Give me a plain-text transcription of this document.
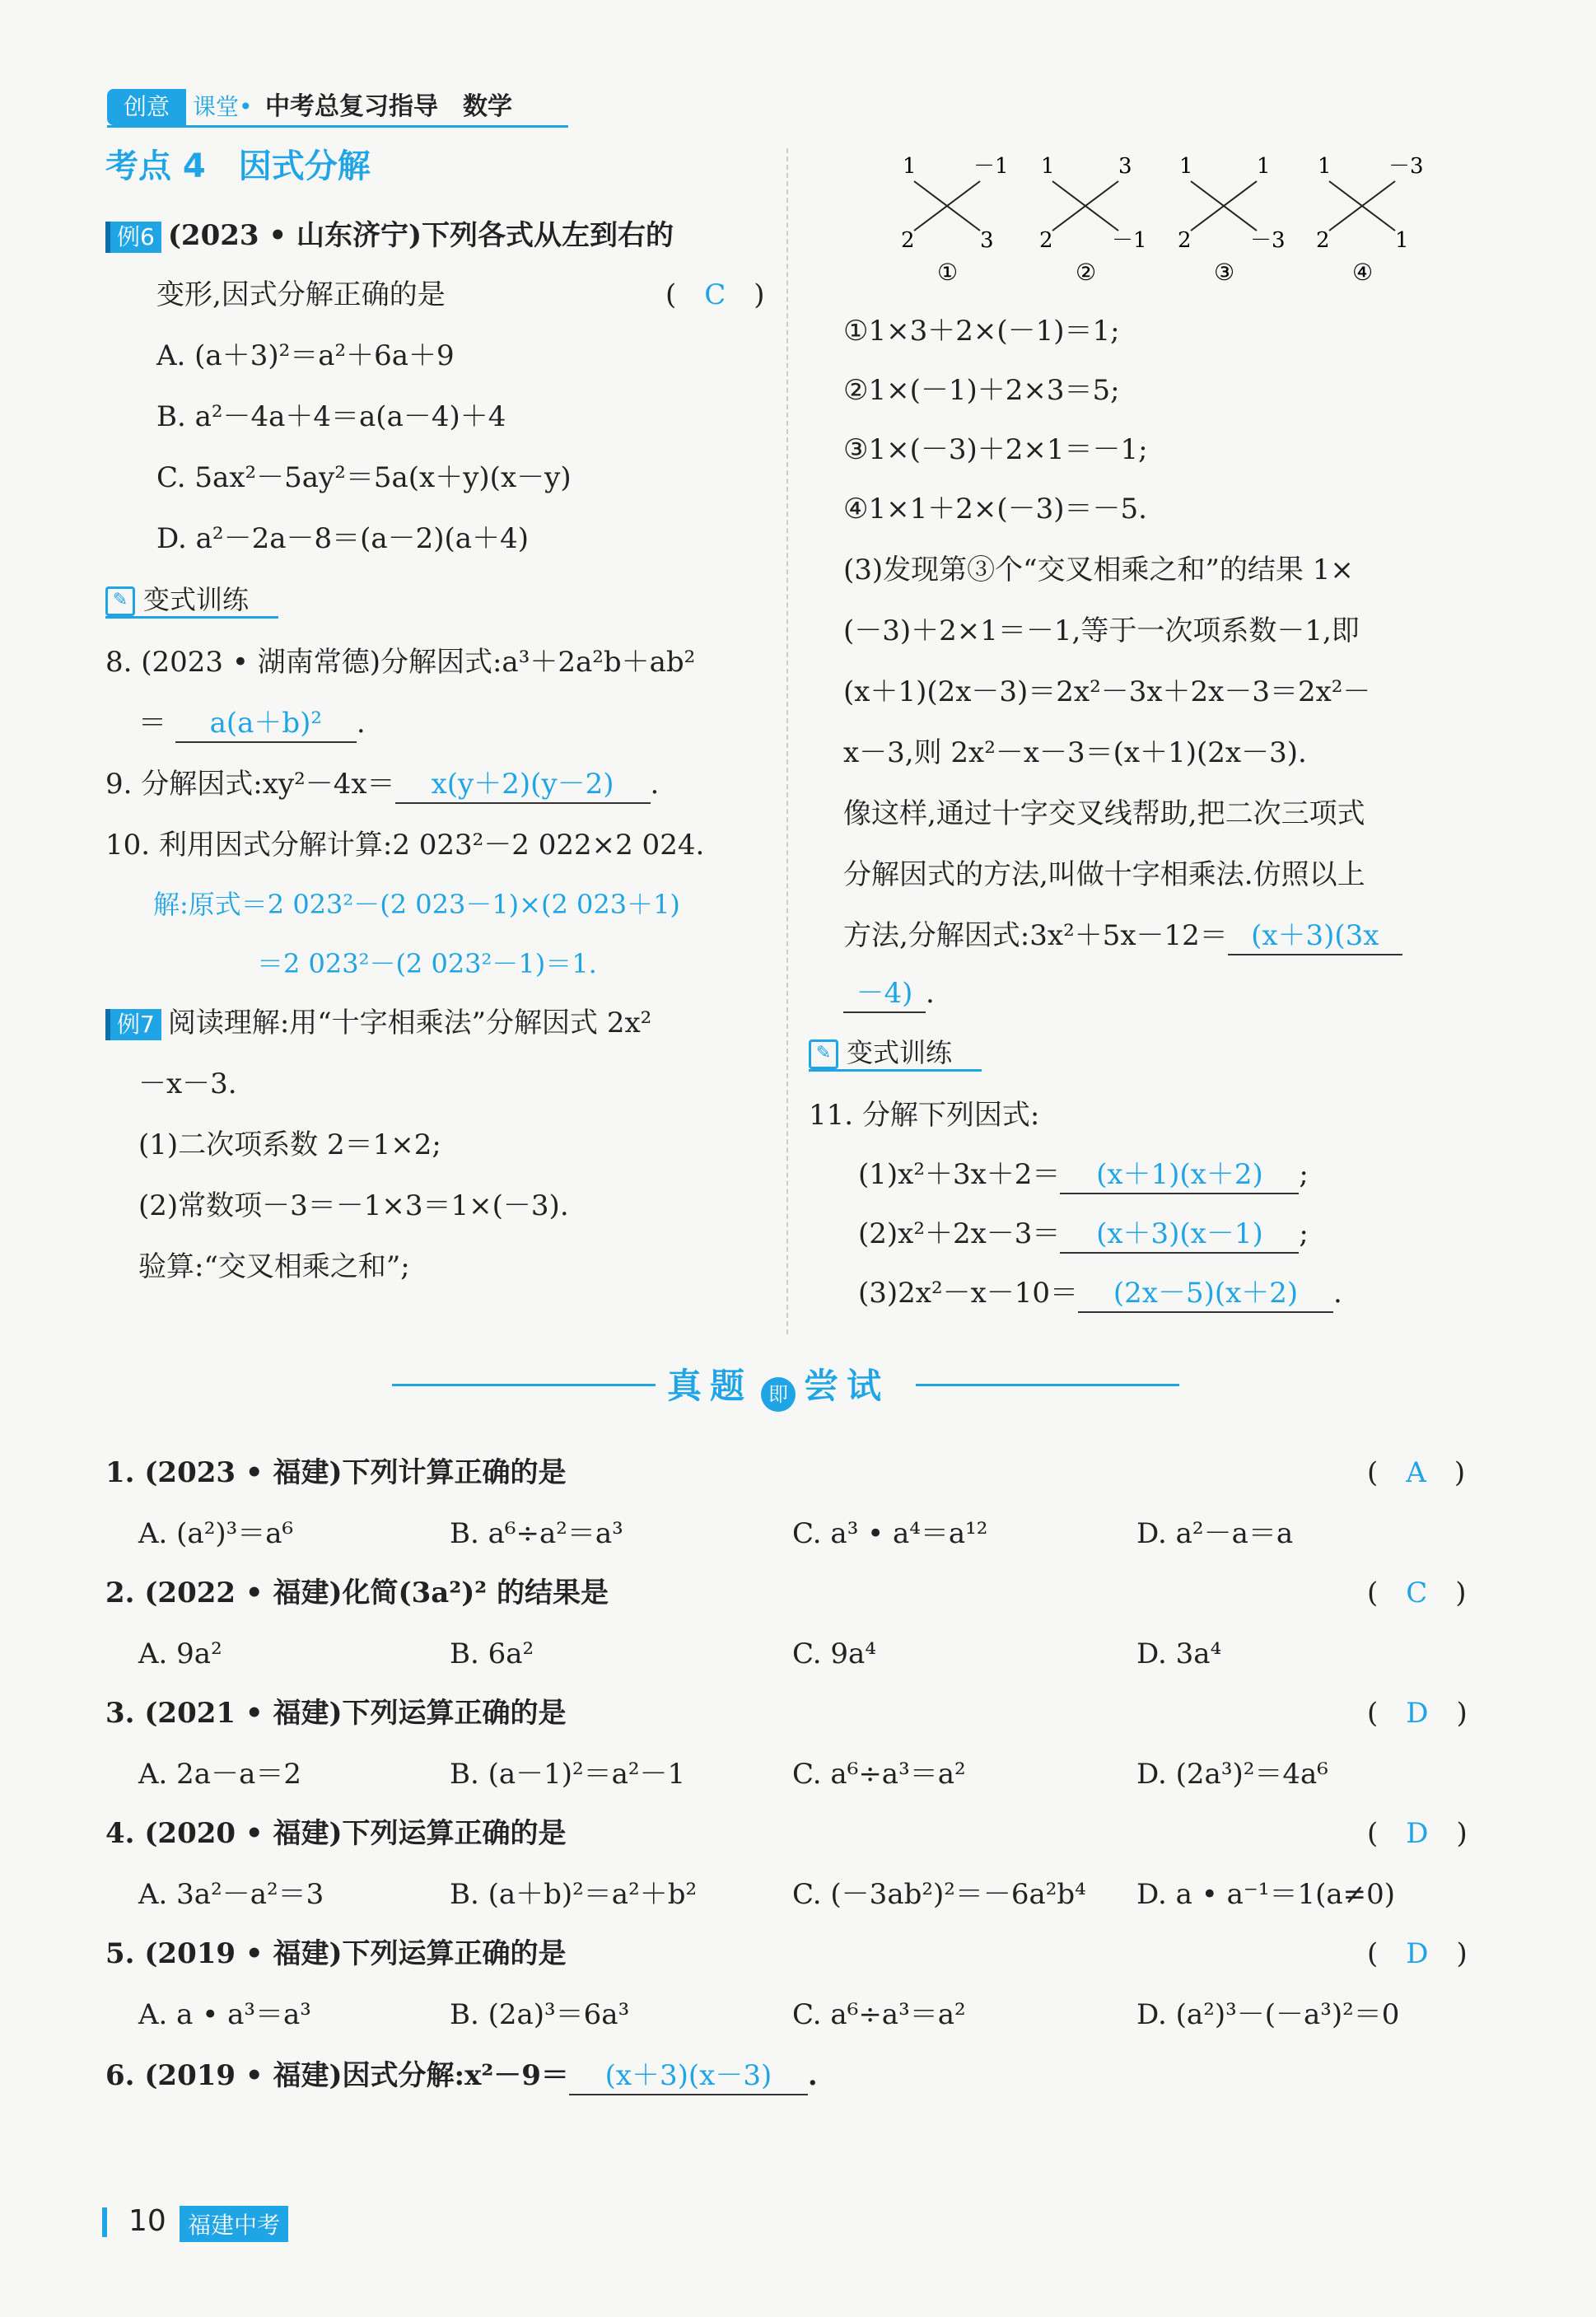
创意	课堂• 中考总复习指导　数学
考点 4　因式分解
例6 (2023 • 山东济宁)下列各式从左到右的
变形,因式分解正确的是	(　C　)
A. (a＋3)²＝a²＋6a＋9
B. a²－4a＋4＝a(a－4)＋4
C. 5ax²－5ay²＝5a(x＋y)(x－y)
D. a²－2a－8＝(a－2)(a＋4)
✎ 变式训练
8. (2023 • 湖南常德)分解因式:a³＋2a²b＋ab²
＝ a(a＋b)² .
9. 分解因式:xy²－4x＝ x(y＋2)(y－2) .
10. 利用因式分解计算:2 023²－2 022×2 024.
解:原式＝2 023²－(2 023－1)×(2 023＋1)
＝2 023²－(2 023²－1)＝1.
例7 阅读理解:用“十字相乘法”分解因式 2x²
－x－3.
(1)二次项系数 2＝1×2;
(2)常数项－3＝－1×3＝1×(－3).
验算:“交叉相乘之和”;
1	－1
2	3
①
1	3
2	－1
②
1	1
2	－3
③
1	－3
2	1
④
①1×3＋2×(－1)＝1;
②1×(－1)＋2×3＝5;
③1×(－3)＋2×1＝－1;
④1×1＋2×(－3)＝－5.
(3)发现第③个“交叉相乘之和”的结果 1×
(－3)＋2×1＝－1,等于一次项系数－1,即
(x＋1)(2x－3)＝2x²－3x＋2x－3＝2x²－
x－3,则 2x²－x－3＝(x＋1)(2x－3).
像这样,通过十字交叉线帮助,把二次三项式
分解因式的方法,叫做十字相乘法.仿照以上
方法,分解因式:3x²＋5x－12＝ (x＋3)(3x
－4) .
✎ 变式训练
11. 分解下列因式:
(1)x²＋3x＋2＝ (x＋1)(x＋2) ;
(2)x²＋2x－3＝ (x＋3)(x－1) ;
(3)2x²－x－10＝ (2x－5)(x＋2) .
真题 即 尝试
1. (2023 • 福建)下列计算正确的是	(　A　)
A. (a²)³＝a⁶	B. a⁶÷a²＝a³	C. a³ • a⁴＝a¹²	D. a²－a＝a
2. (2022 • 福建)化简(3a²)² 的结果是	(　C　)
A. 9a²	B. 6a²	C. 9a⁴	D. 3a⁴
3. (2021 • 福建)下列运算正确的是	(　D　)
A. 2a－a＝2	B. (a－1)²＝a²－1	C. a⁶÷a³＝a²	D. (2a³)²＝4a⁶
4. (2020 • 福建)下列运算正确的是	(　D　)
A. 3a²－a²＝3	B. (a＋b)²＝a²＋b²	C. (－3ab²)²＝－6a²b⁴ D. a • a⁻¹＝1(a≠0)
5. (2019 • 福建)下列运算正确的是	(　D　)
A. a • a³＝a³	B. (2a)³＝6a³	C. a⁶÷a³＝a²	D. (a²)³－(－a³)²＝0
6. (2019 • 福建)因式分解:x²－9＝ (x＋3)(x－3) .
10 福建中考
